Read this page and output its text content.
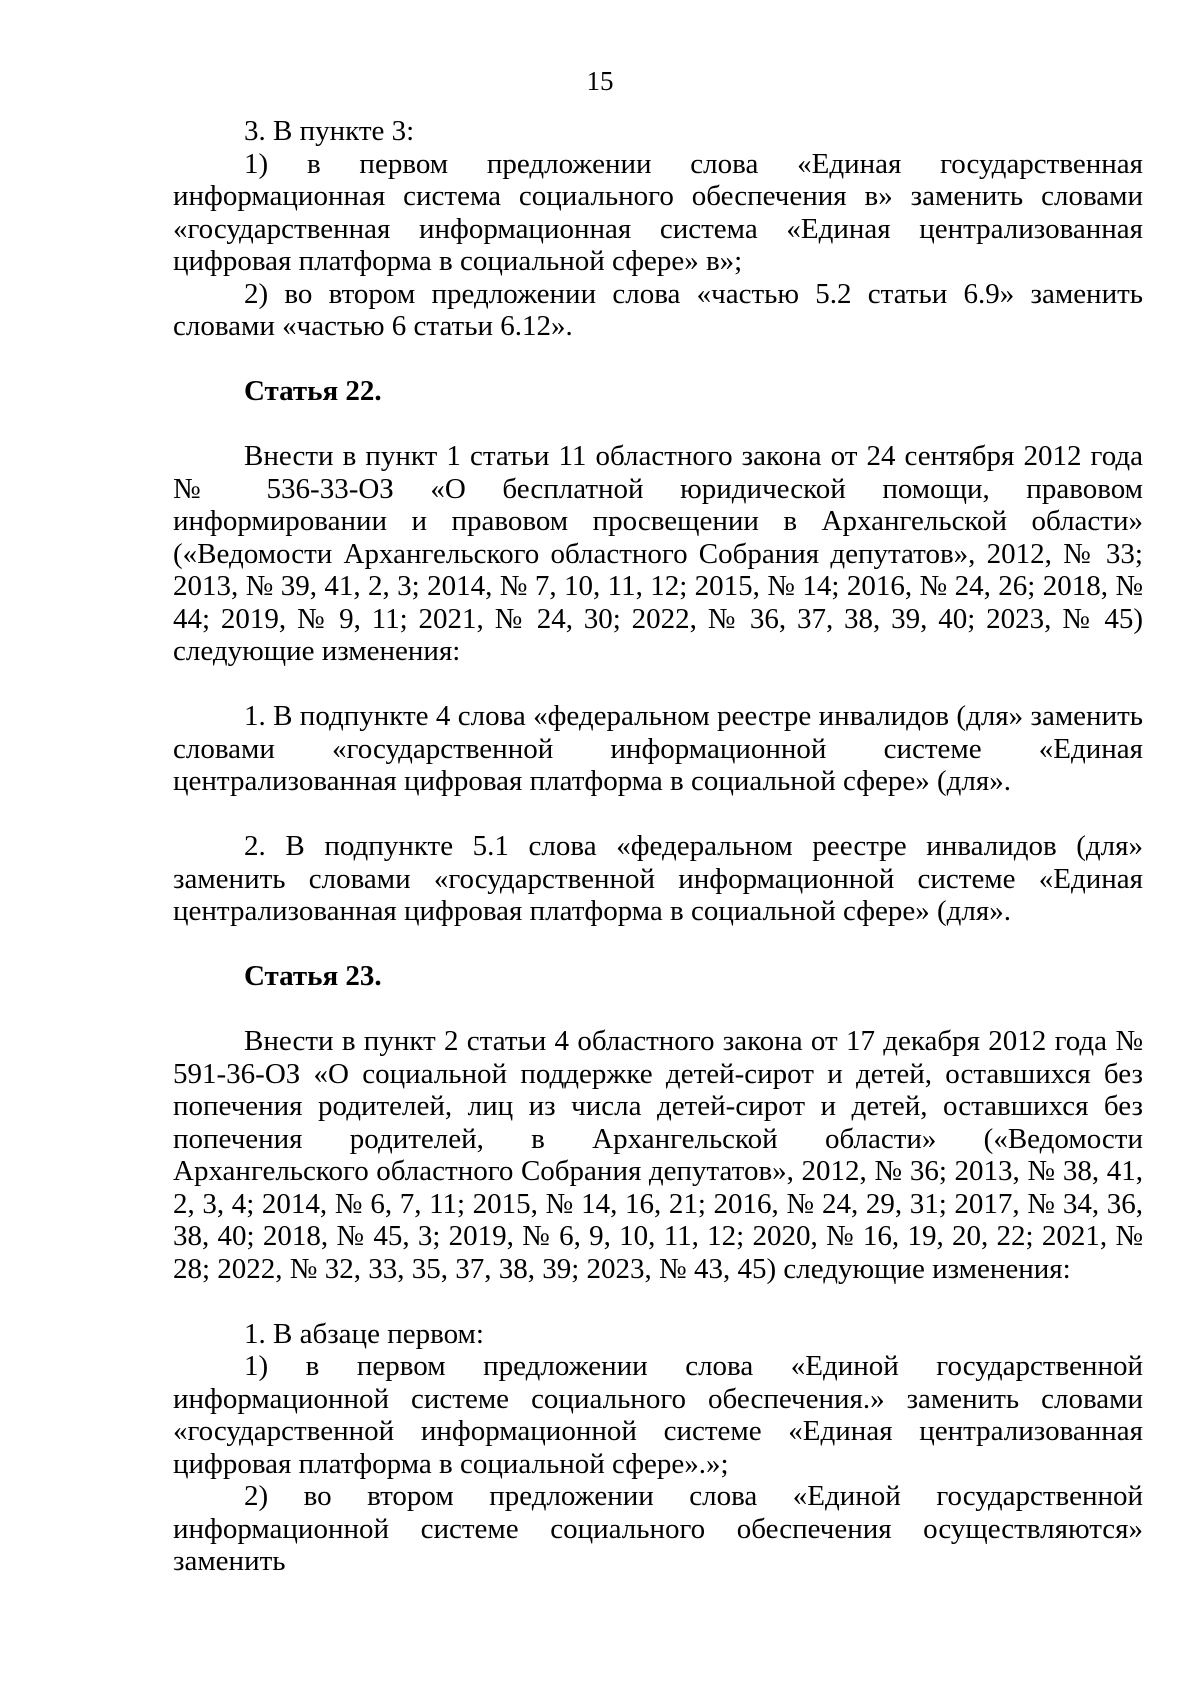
15

3. В пункте 3:

1) в первом предложении слова «Единая государственная информационная система социального обеспечения в» заменить словами «государственная информационная система «Единая централизованная цифровая платформа в социальной сфере» в»;

2) во втором предложении слова «частью 5.2 статьи 6.9» заменить словами «частью 6 статьи 6.12».

Статья 22.

Внести в пункт 1 статьи 11 областного закона от 24 сентября 2012 года № 536-33-ОЗ «О бесплатной юридической помощи, правовом информировании и правовом просвещении в Архангельской области» («Ведомости Архангельского областного Собрания депутатов», 2012, № 33; 2013, № 39, 41, 2, 3; 2014, № 7, 10, 11, 12; 2015, № 14; 2016, № 24, 26; 2018, № 44; 2019, № 9, 11; 2021, № 24, 30; 2022, № 36, 37, 38, 39, 40; 2023, № 45) следующие изменения:

1. В подпункте 4 слова «федеральном реестре инвалидов (для» заменить словами «государственной информационной системе «Единая централизованная цифровая платформа в социальной сфере» (для».

2. В подпункте 5.1 слова «федеральном реестре инвалидов (для» заменить словами «государственной информационной системе «Единая централизованная цифровая платформа в социальной сфере» (для».

Статья 23.

Внести в пункт 2 статьи 4 областного закона от 17 декабря 2012 года № 591-36-ОЗ «О социальной поддержке детей-сирот и детей, оставшихся без попечения родителей, лиц из числа детей-сирот и детей, оставшихся без попечения родителей, в Архангельской области» («Ведомости Архангельского областного Собрания депутатов», 2012, № 36; 2013, № 38, 41, 2, 3, 4; 2014, № 6, 7, 11; 2015, № 14, 16, 21; 2016, № 24, 29, 31; 2017, № 34, 36, 38, 40; 2018, № 45, 3; 2019, № 6, 9, 10, 11, 12; 2020, № 16, 19, 20, 22; 2021, № 28; 2022, № 32, 33, 35, 37, 38, 39; 2023, № 43, 45) следующие изменения:

1. В абзаце первом:

1) в первом предложении слова «Единой государственной информационной системе социального обеспечения.» заменить словами «государственной информационной системе «Единая централизованная цифровая платформа в социальной сфере».»;

2) во втором предложении слова «Единой государственной информационной системе социального обеспечения осуществляются» заменить
